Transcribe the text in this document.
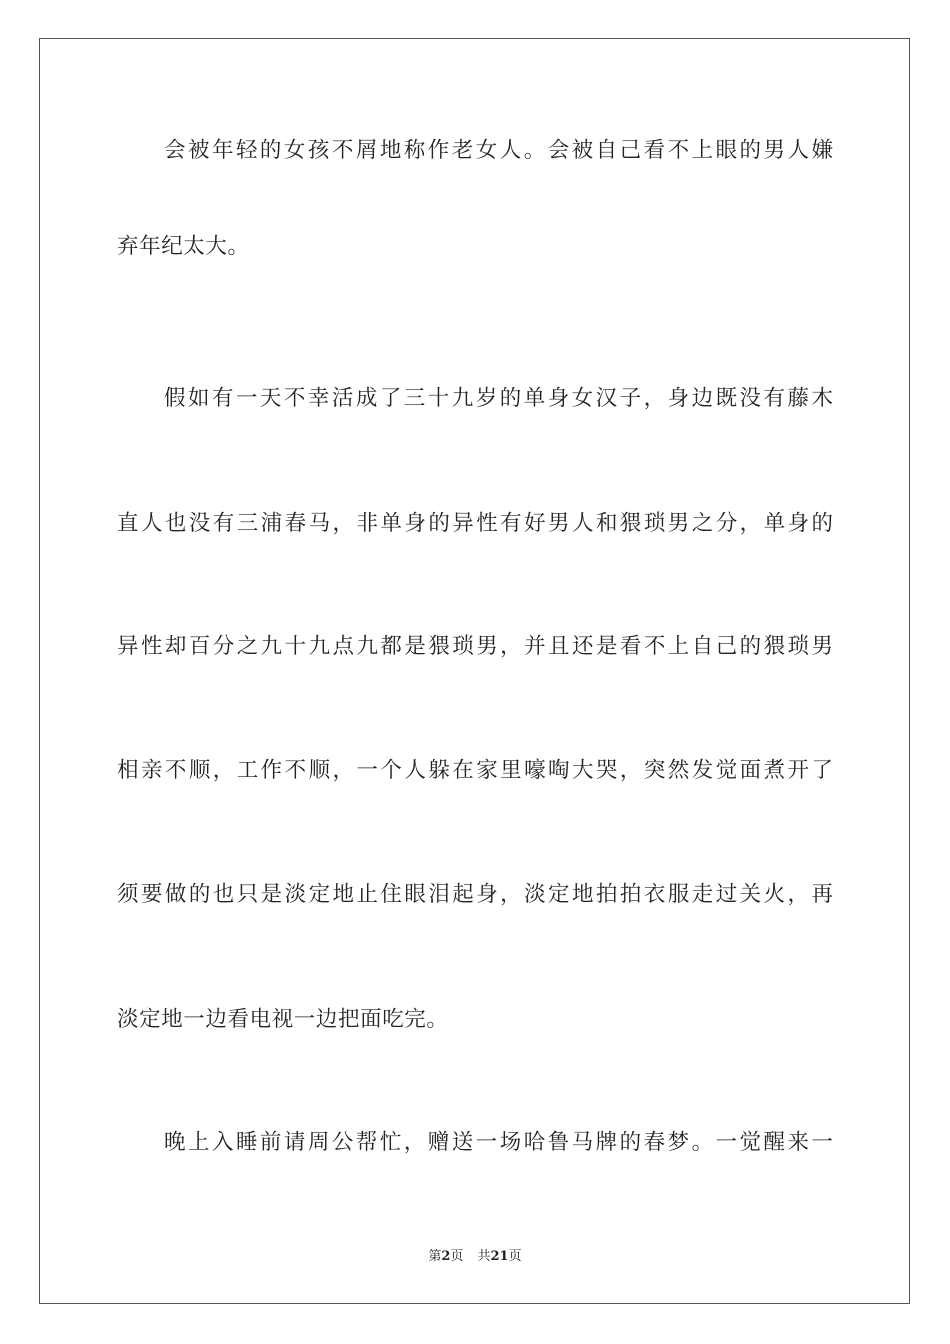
会被年轻的女孩不屑地称作老女人。会被自己看不上眼的男人嫌
弃年纪太大。
假如有一天不幸活成了三十九岁的单身女汉子，身边既没有藤木
直人也没有三浦春马，非单身的异性有好男人和猥琐男之分，单身的
异性却百分之九十九点九都是猥琐男，并且还是看不上自己的猥琐男
相亲不顺，工作不顺，一个人躲在家里嚎啕大哭，突然发觉面煮开了
须要做的也只是淡定地止住眼泪起身，淡定地拍拍衣服走过关火，再
淡定地一边看电视一边把面吃完。
晚上入睡前请周公帮忙，赠送一场哈鲁马牌的春梦。一觉醒来一
第2页 共21页
